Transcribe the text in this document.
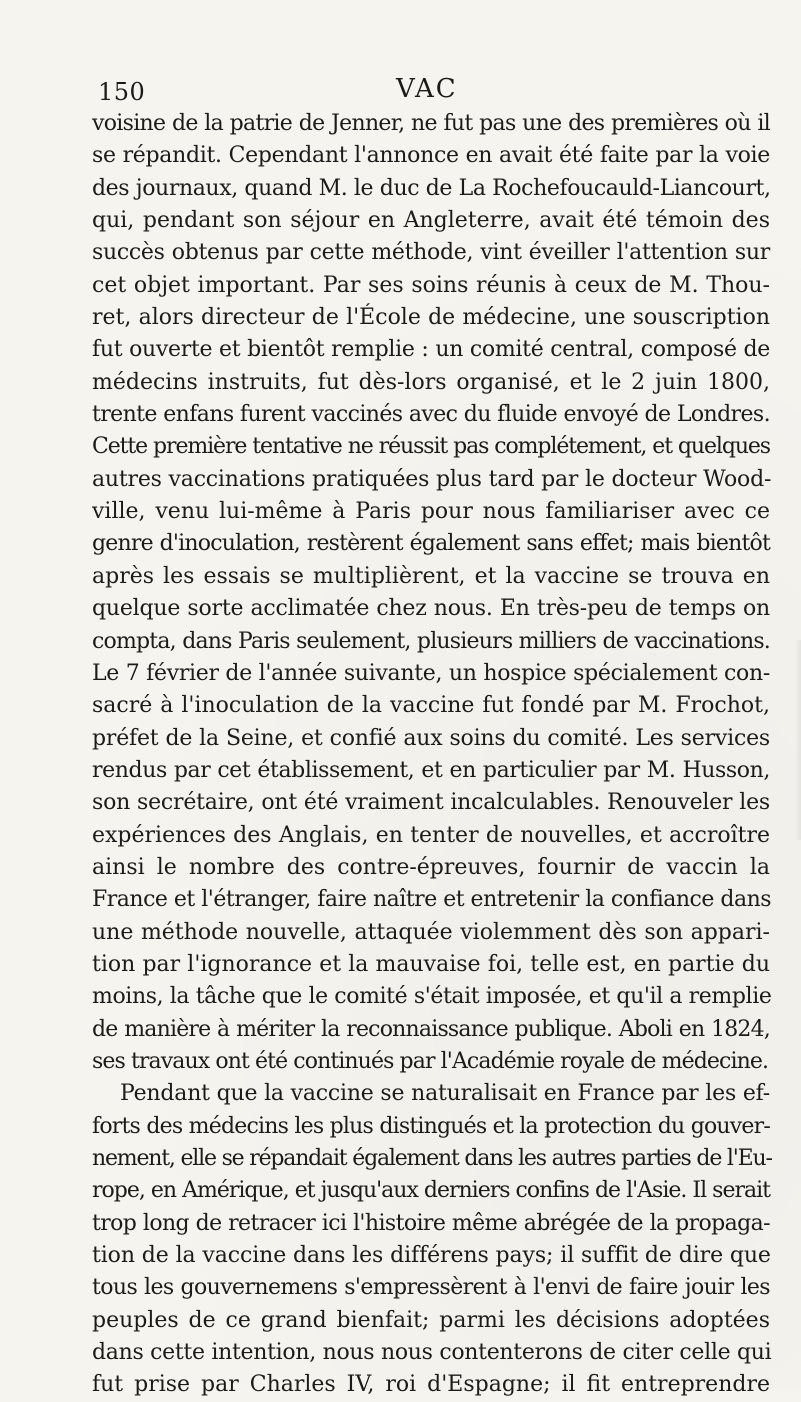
150	VAC
voisine de la patrie de Jenner, ne fut pas une des premières où il
se répandit. Cependant l'annonce en avait été faite par la voie
des journaux, quand M. le duc de La Rochefoucauld-Liancourt,
qui, pendant son séjour en Angleterre, avait été témoin des
succès obtenus par cette méthode, vint éveiller l'attention sur
cet objet important. Par ses soins réunis à ceux de M. Thou-
ret, alors directeur de l'École de médecine, une souscription
fut ouverte et bientôt remplie : un comité central, composé de
médecins instruits, fut dès-lors organisé, et le 2 juin 1800,
trente enfans furent vaccinés avec du fluide envoyé de Londres.
Cette première tentative ne réussit pas complétement, et quelques
autres vaccinations pratiquées plus tard par le docteur Wood-
ville, venu lui-même à Paris pour nous familiariser avec ce
genre d'inoculation, restèrent également sans effet; mais bientôt
après les essais se multiplièrent, et la vaccine se trouva en
quelque sorte acclimatée chez nous. En très-peu de temps on
compta, dans Paris seulement, plusieurs milliers de vaccinations.
Le 7 février de l'année suivante, un hospice spécialement con-
sacré à l'inoculation de la vaccine fut fondé par M. Frochot,
préfet de la Seine, et confié aux soins du comité. Les services
rendus par cet établissement, et en particulier par M. Husson,
son secrétaire, ont été vraiment incalculables. Renouveler les
expériences des Anglais, en tenter de nouvelles, et accroître
ainsi le nombre des contre-épreuves, fournir de vaccin la
France et l'étranger, faire naître et entretenir la confiance dans
une méthode nouvelle, attaquée violemment dès son appari-
tion par l'ignorance et la mauvaise foi, telle est, en partie du
moins, la tâche que le comité s'était imposée, et qu'il a remplie
de manière à mériter la reconnaissance publique. Aboli en 1824,
ses travaux ont été continués par l'Académie royale de médecine.
Pendant que la vaccine se naturalisait en France par les ef-
forts des médecins les plus distingués et la protection du gouver-
nement, elle se répandait également dans les autres parties de l'Eu-
rope, en Amérique, et jusqu'aux derniers confins de l'Asie. Il serait
trop long de retracer ici l'histoire même abrégée de la propaga-
tion de la vaccine dans les différens pays; il suffit de dire que
tous les gouvernemens s'empressèrent à l'envi de faire jouir les
peuples de ce grand bienfait; parmi les décisions adoptées
dans cette intention, nous nous contenterons de citer celle qui
fut prise par Charles IV, roi d'Espagne; il fit entreprendre
